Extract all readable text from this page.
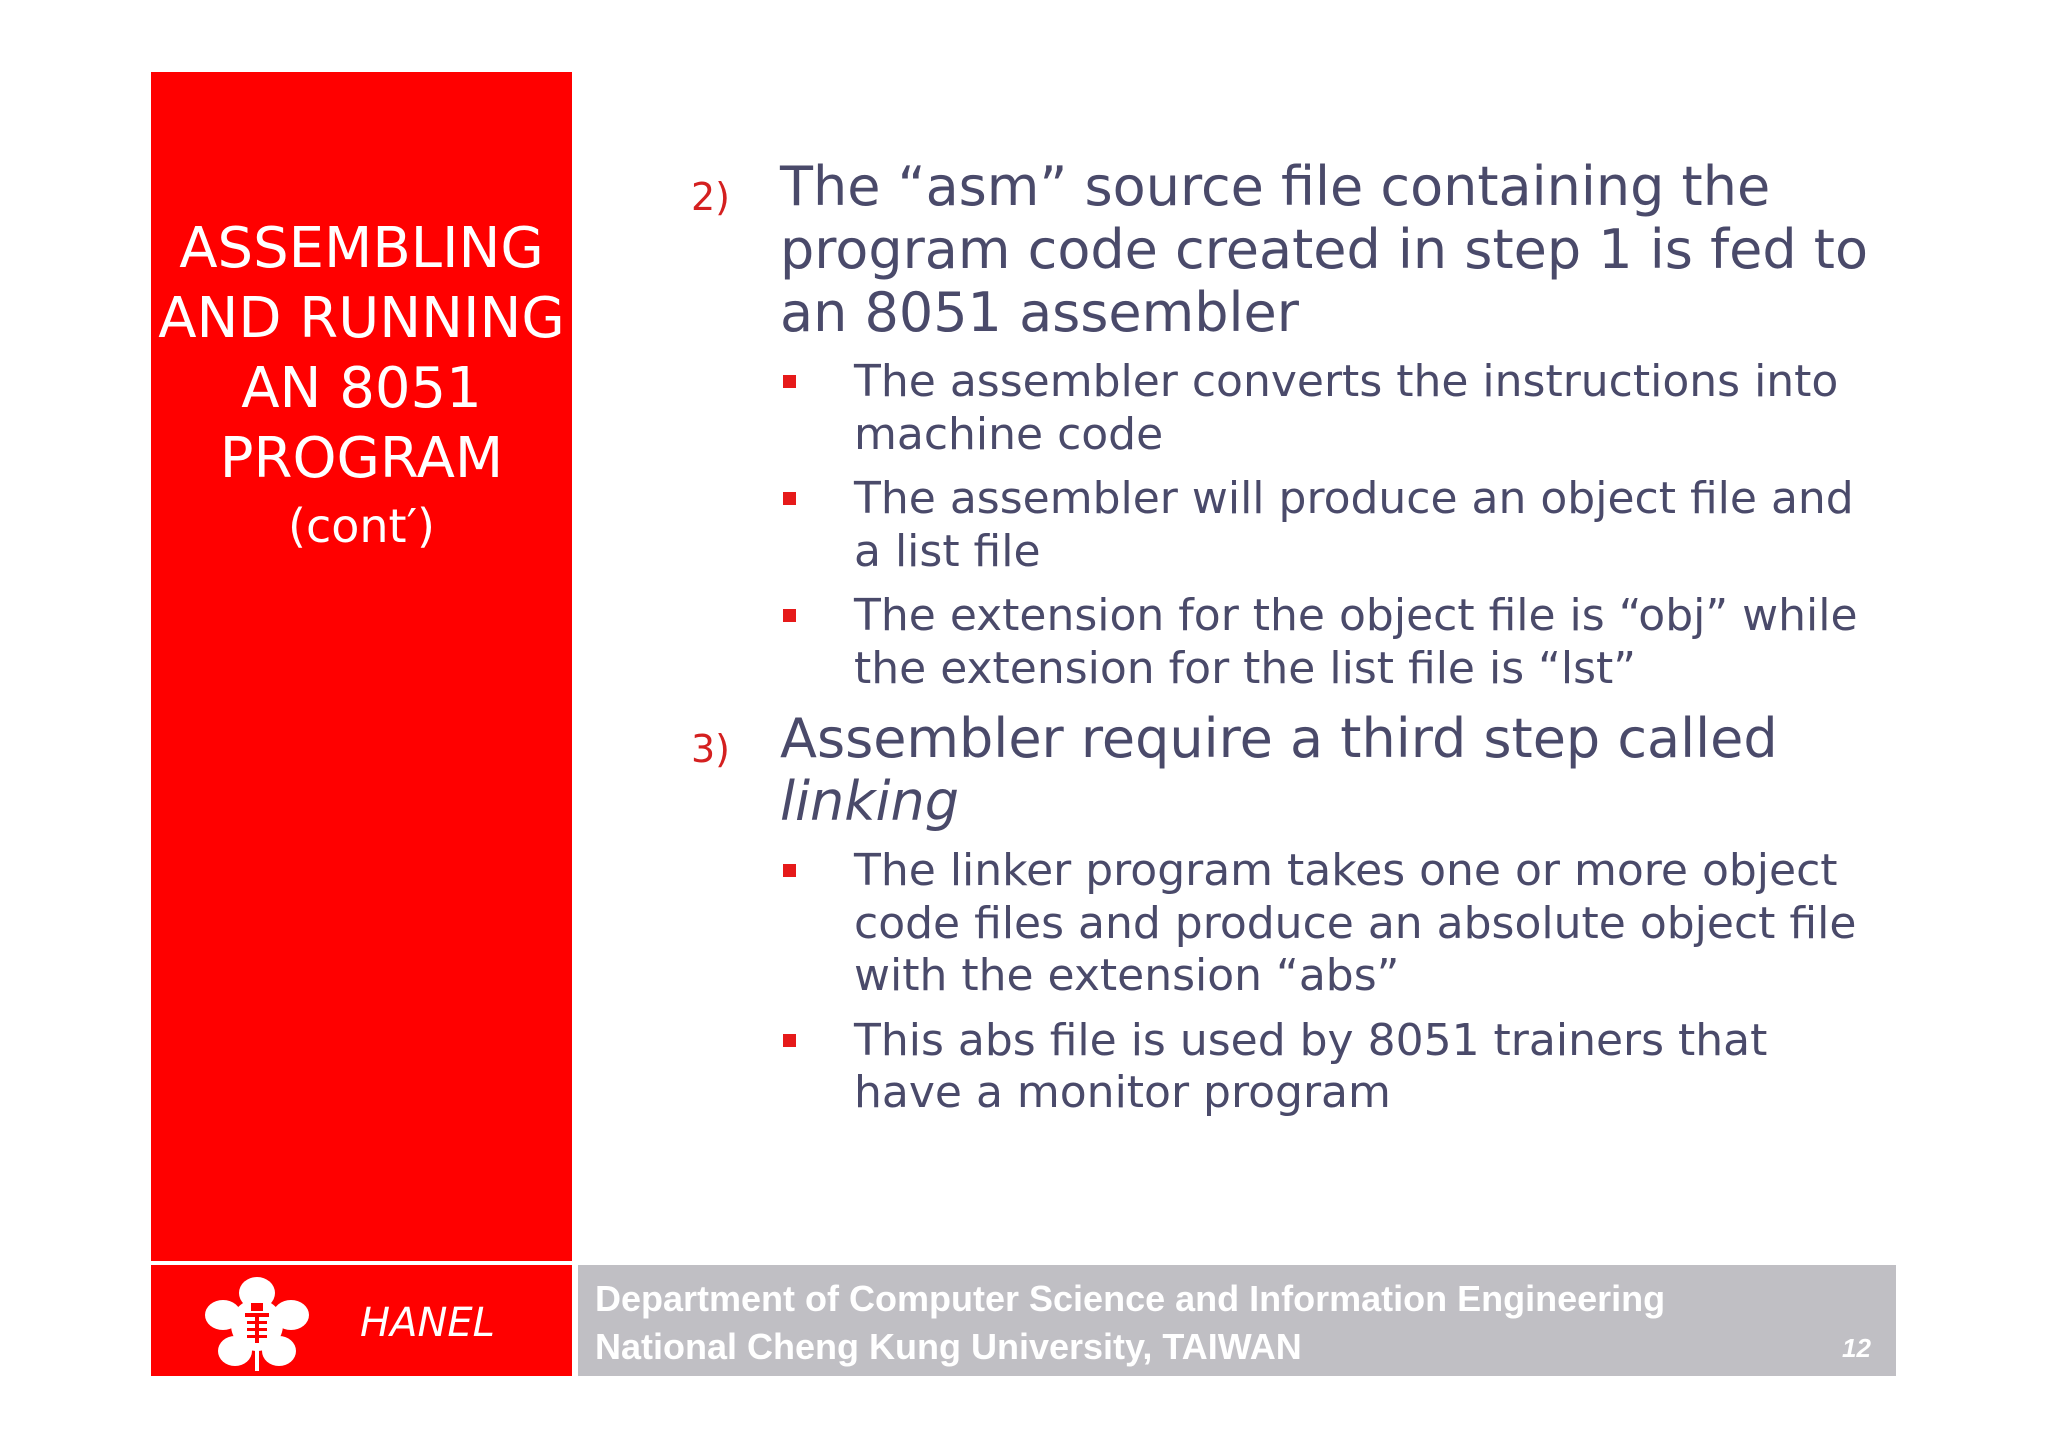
ASSEMBLING
AND RUNNING
AN 8051
PROGRAM
(cont′)
2) The “asm” source file containing the
program code created in step 1 is fed to
an 8051 assembler
The assembler converts the instructions into
machine code
The assembler will produce an object file and
a list file
The extension for the object file is “obj” while
the extension for the list file is “lst”
3) Assembler require a third step called
linking
The linker program takes one or more object
code files and produce an absolute object file
with the extension “abs”
This abs file is used by 8051 trainers that
have a monitor program
HANEL
Department of Computer Science and Information Engineering
National Cheng Kung University, TAIWAN	12
